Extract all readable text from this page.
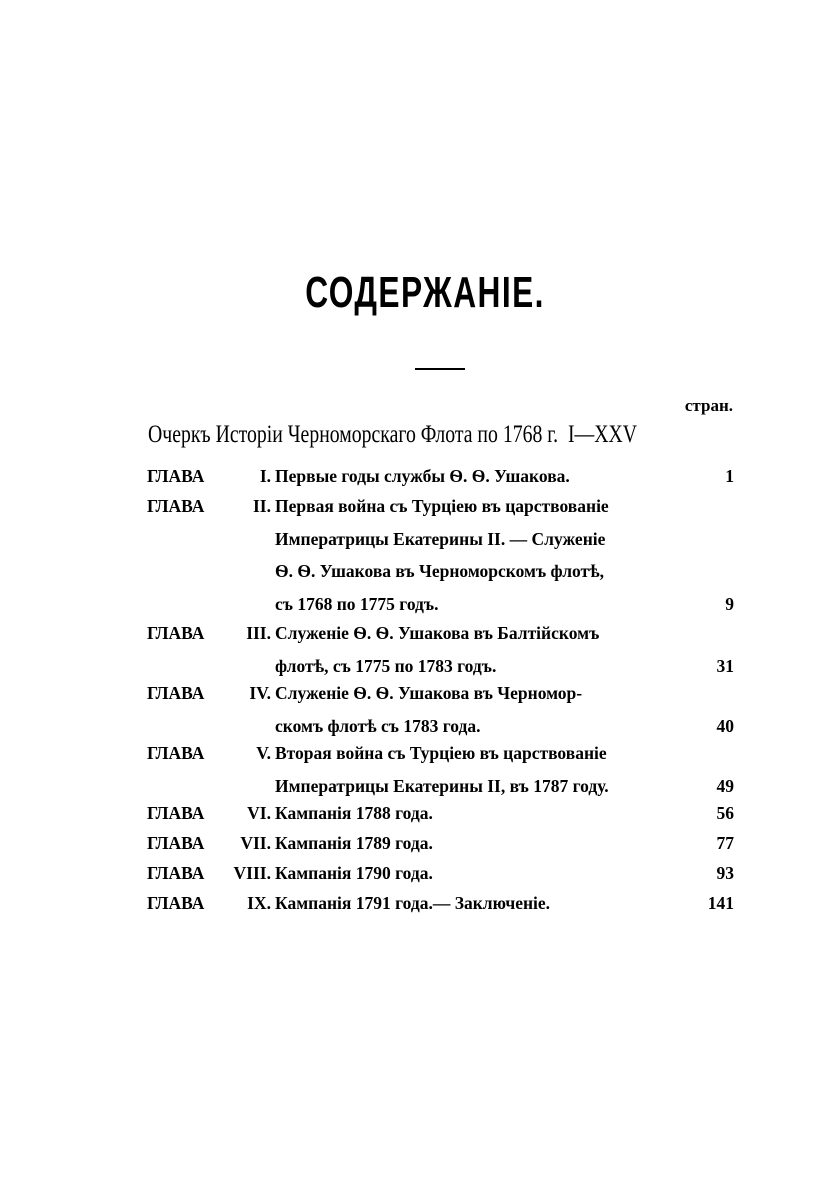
СОДЕРЖАНІЕ.
стран.
Очеркъ Исторіи Черноморскаго Флота по 1768 г. I—XXV
ГЛАВА	I. Первые годы службы Ѳ. Ѳ. Ушакова.	1
ГЛАВА	II. Первая война съ Турціею въ царствованіе
Императрицы Екатерины II. — Служеніе
Ѳ. Ѳ. Ушакова въ Черноморскомъ флотѣ,
съ 1768 по 1775 годъ.	9
ГЛАВА III. Служеніе Ѳ. Ѳ. Ушакова въ Балтійскомъ
флотѣ, съ 1775 по 1783 годъ.	31
ГЛАВА	IV. Служеніе Ѳ. Ѳ. Ушакова въ Черномор-
скомъ флотѣ съ 1783 года.	40
ГЛАВА	V. Вторая война съ Турціею въ царствованіе
Императрицы Екатерины II, въ 1787 году.	49
ГЛАВА VI. Кампанія 1788 года.	56
ГЛАВА VII. Кампанія 1789 года.	77
ГЛАВА VIII. Кампанія 1790 года.	93
ГЛАВА IX. Кампанія 1791 года.— Заключеніе.	141
